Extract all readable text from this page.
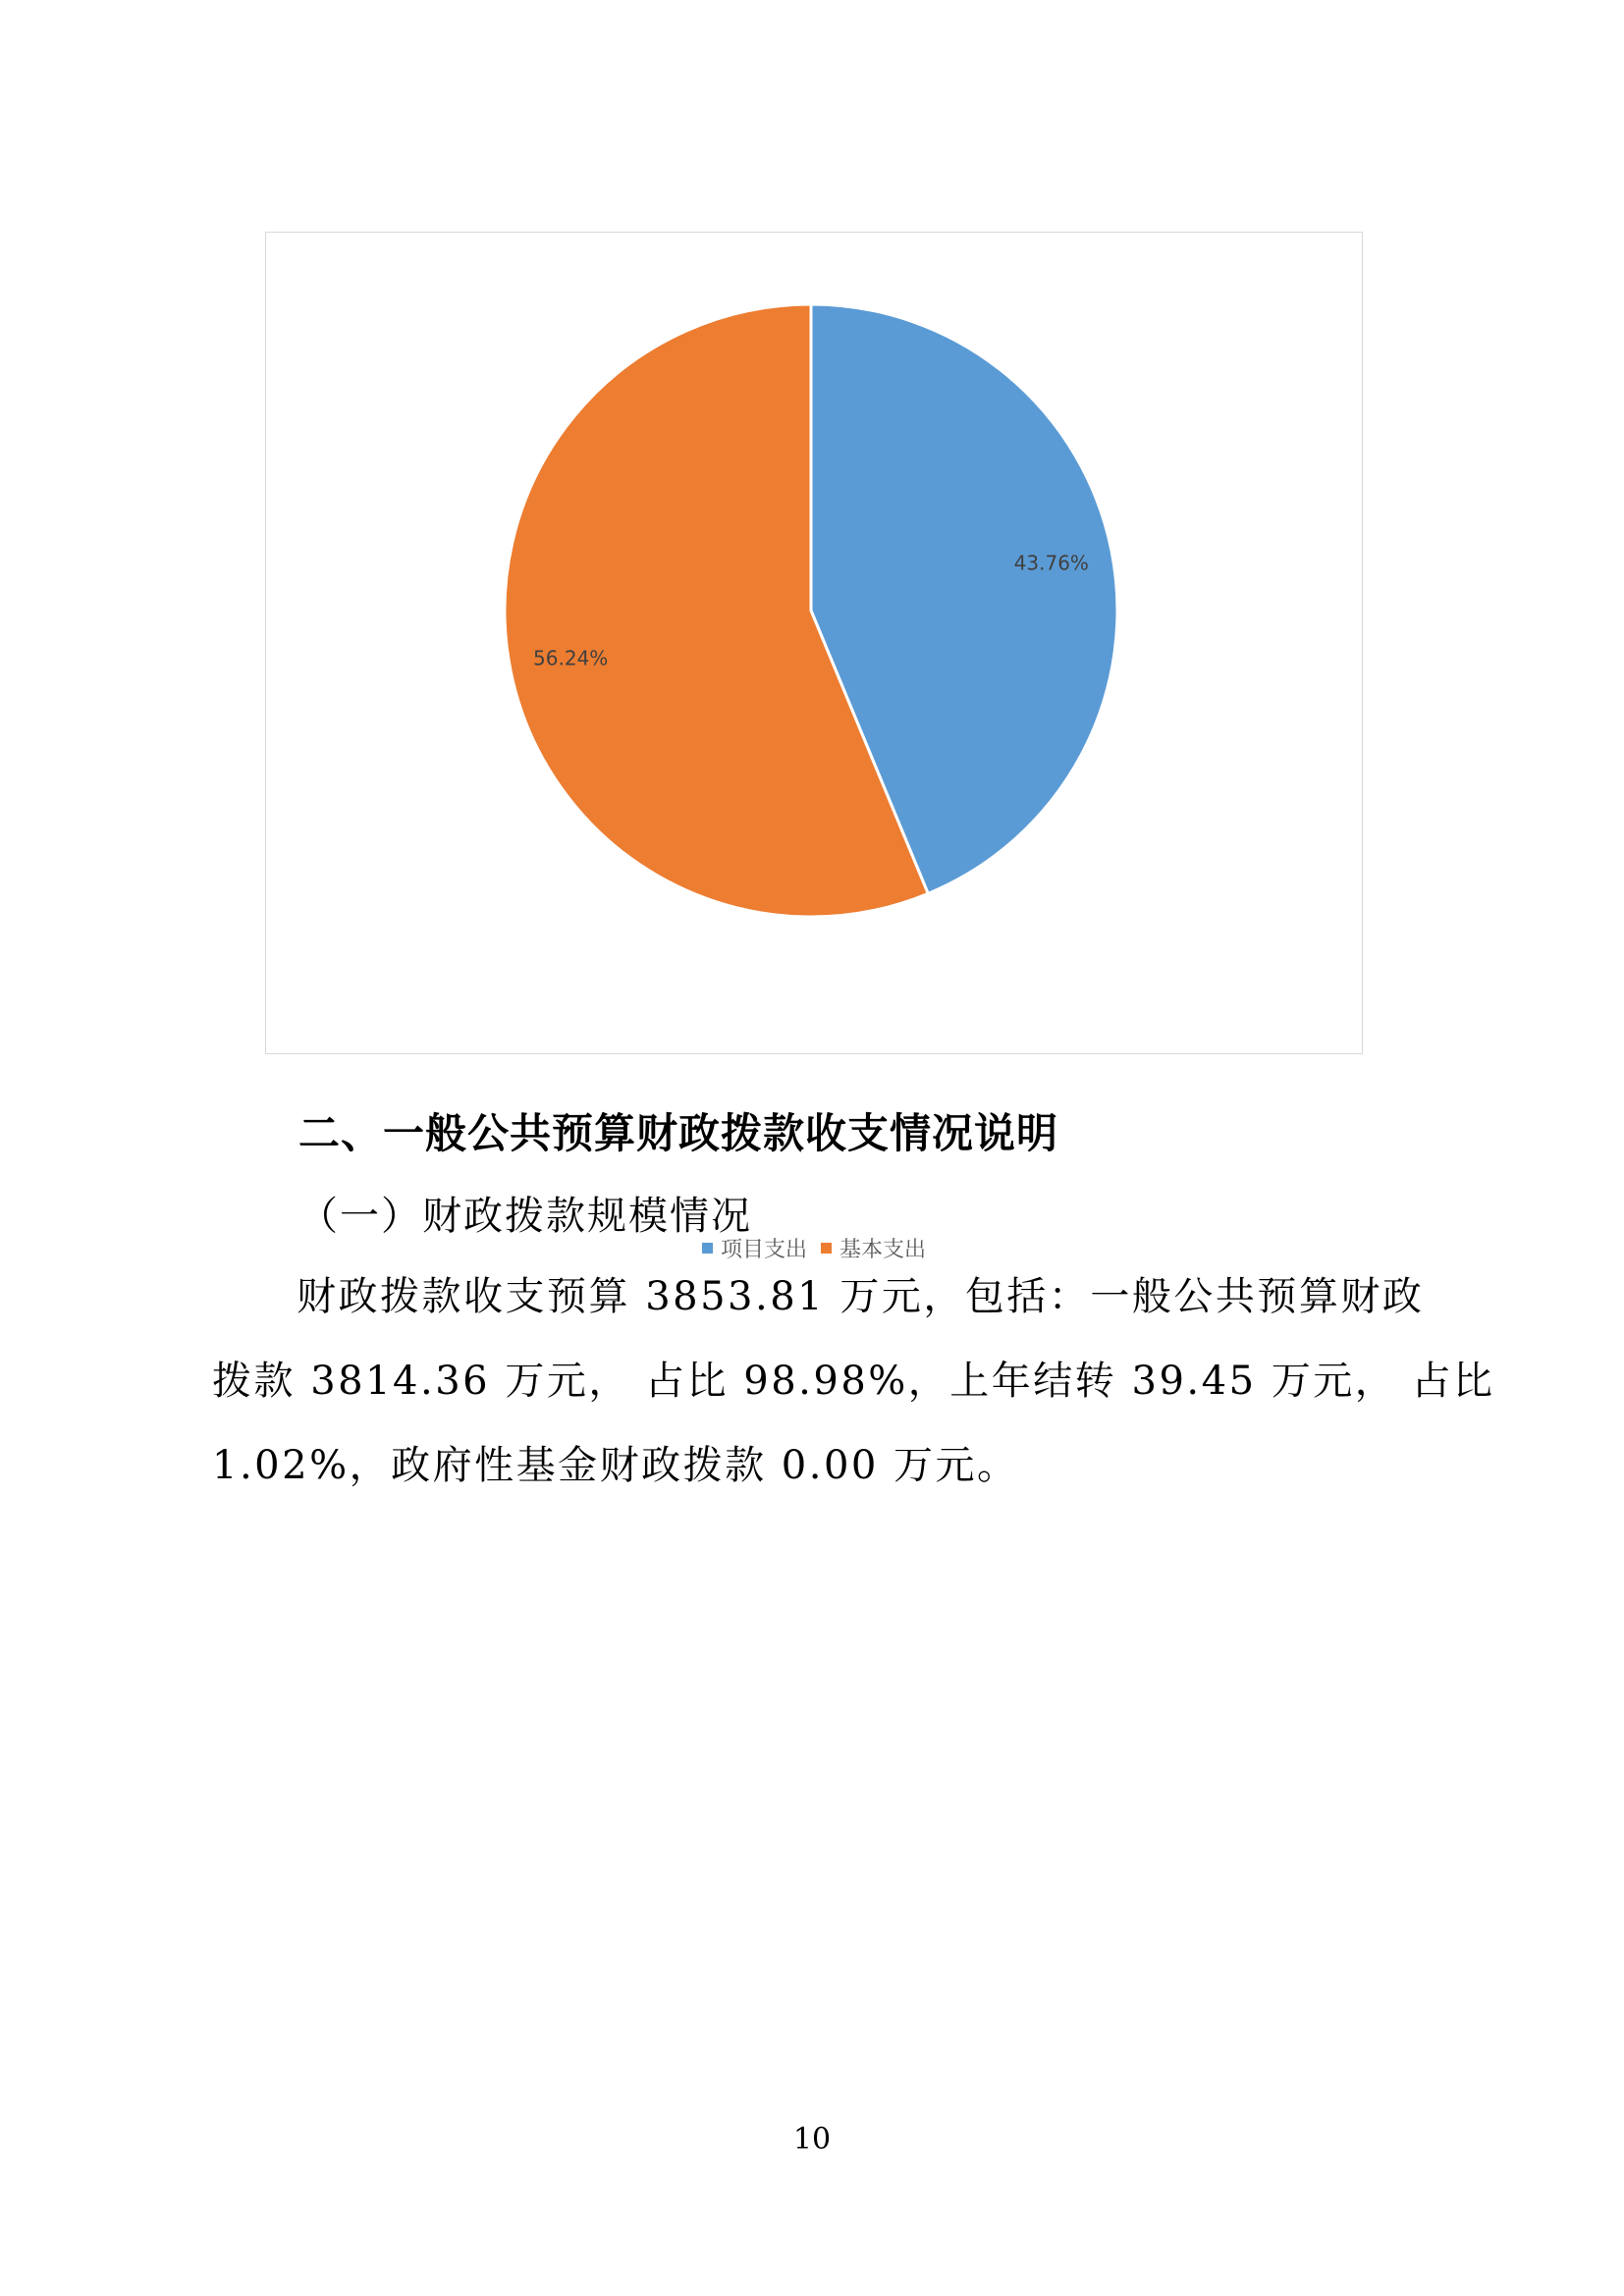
43.76%
56.24%
项目支出 基本支出
二、一般公共预算财政拨款收支情况说明
（一）财政拨款规模情况
财政拨款收支预算 3853.81 万元，包括：一般公共预算财政
拨款 3814.36 万元， 占比 98.98%，上年结转 39.45 万元， 占比
1.02%，政府性基金财政拨款 0.00 万元。
10
